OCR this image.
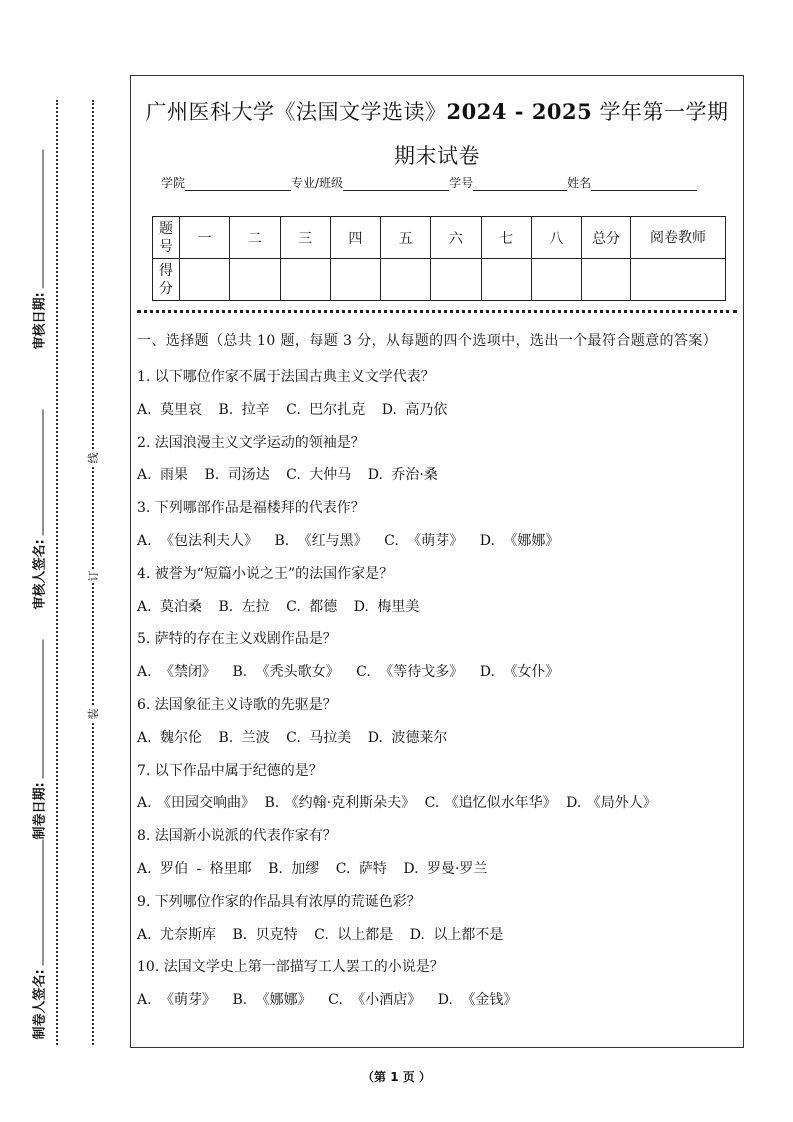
审核日期:
审核人签名:
制卷日期:
制卷人签名:
线
订
装
广州医科大学《法国文学选读》2024 - 2025 学年第一学期期末试卷
学院	专业/班级	学号	姓名
题号	一	二	三	四	五	六	七	八	总分	阅卷教师
得分										
一、选择题（总共 10 题，每题 3 分，从每题的四个选项中，选出一个最符合题意的答案）
1. 以下哪位作家不属于法国古典主义文学代表？
A. 莫里哀 B. 拉辛 C. 巴尔扎克 D. 高乃依
2. 法国浪漫主义文学运动的领袖是？
A. 雨果 B. 司汤达 C. 大仲马 D. 乔治·桑
3. 下列哪部作品是福楼拜的代表作？
A. 《包法利夫人》 B. 《红与黑》 C. 《萌芽》 D. 《娜娜》
4. 被誉为“短篇小说之王”的法国作家是？
A. 莫泊桑 B. 左拉 C. 都德 D. 梅里美
5. 萨特的存在主义戏剧作品是？
A. 《禁闭》 B. 《秃头歌女》 C. 《等待戈多》 D. 《女仆》
6. 法国象征主义诗歌的先驱是？
A. 魏尔伦 B. 兰波 C. 马拉美 D. 波德莱尔
7. 以下作品中属于纪德的是？
A. 《田园交响曲》 B. 《约翰·克利斯朵夫》 C. 《追忆似水年华》 D. 《局外人》
8. 法国新小说派的代表作家有？
A. 罗伯 - 格里耶 B. 加缪 C. 萨特 D. 罗曼·罗兰
9. 下列哪位作家的作品具有浓厚的荒诞色彩？
A. 尤奈斯库 B. 贝克特 C. 以上都是 D. 以上都不是
10. 法国文学史上第一部描写工人罢工的小说是？
A. 《萌芽》 B. 《娜娜》 C. 《小酒店》 D. 《金钱》
（第 1 页 ）
